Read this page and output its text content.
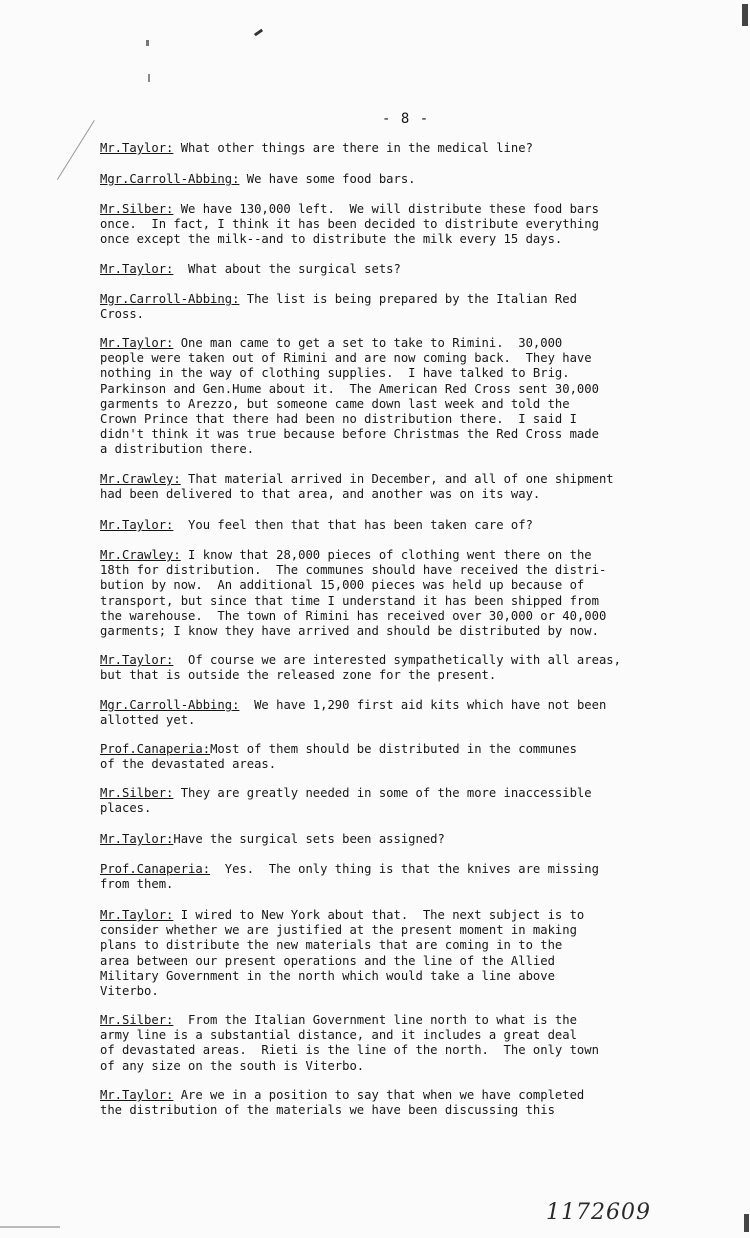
- 8 -

Mr.Taylor: What other things are there in the medical line?

Mgr.Carroll-Abbing: We have some food bars.

Mr.Silber: We have 130,000 left.  We will distribute these food bars
once.  In fact, I think it has been decided to distribute everything
once except the milk--and to distribute the milk every 15 days.

Mr.Taylor:  What about the surgical sets?

Mgr.Carroll-Abbing: The list is being prepared by the Italian Red
Cross.

Mr.Taylor: One man came to get a set to take to Rimini.  30,000
people were taken out of Rimini and are now coming back.  They have
nothing in the way of clothing supplies.  I have talked to Brig.
Parkinson and Gen.Hume about it.  The American Red Cross sent 30,000
garments to Arezzo, but someone came down last week and told the
Crown Prince that there had been no distribution there.  I said I
didn't think it was true because before Christmas the Red Cross made
a distribution there.

Mr.Crawley: That material arrived in December, and all of one shipment
had been delivered to that area, and another was on its way.

Mr.Taylor:  You feel then that that has been taken care of?

Mr.Crawley: I know that 28,000 pieces of clothing went there on the
18th for distribution.  The communes should have received the distri-
bution by now.  An additional 15,000 pieces was held up because of
transport, but since that time I understand it has been shipped from
the warehouse.  The town of Rimini has received over 30,000 or 40,000
garments; I know they have arrived and should be distributed by now.

Mr.Taylor:  Of course we are interested sympathetically with all areas,
but that is outside the released zone for the present.

Mgr.Carroll-Abbing:  We have 1,290 first aid kits which have not been
allotted yet.

Prof.Canaperia:Most of them should be distributed in the communes
of the devastated areas.

Mr.Silber: They are greatly needed in some of the more inaccessible
places.

Mr.Taylor:Have the surgical sets been assigned?

Prof.Canaperia:  Yes.  The only thing is that the knives are missing
from them.

Mr.Taylor: I wired to New York about that.  The next subject is to
consider whether we are justified at the present moment in making
plans to distribute the new materials that are coming in to the
area between our present operations and the line of the Allied
Military Government in the north which would take a line above
Viterbo.

Mr.Silber:  From the Italian Government line north to what is the
army line is a substantial distance, and it includes a great deal
of devastated areas.  Rieti is the line of the north.  The only town
of any size on the south is Viterbo.

Mr.Taylor: Are we in a position to say that when we have completed
the distribution of the materials we have been discussing this

1172609
